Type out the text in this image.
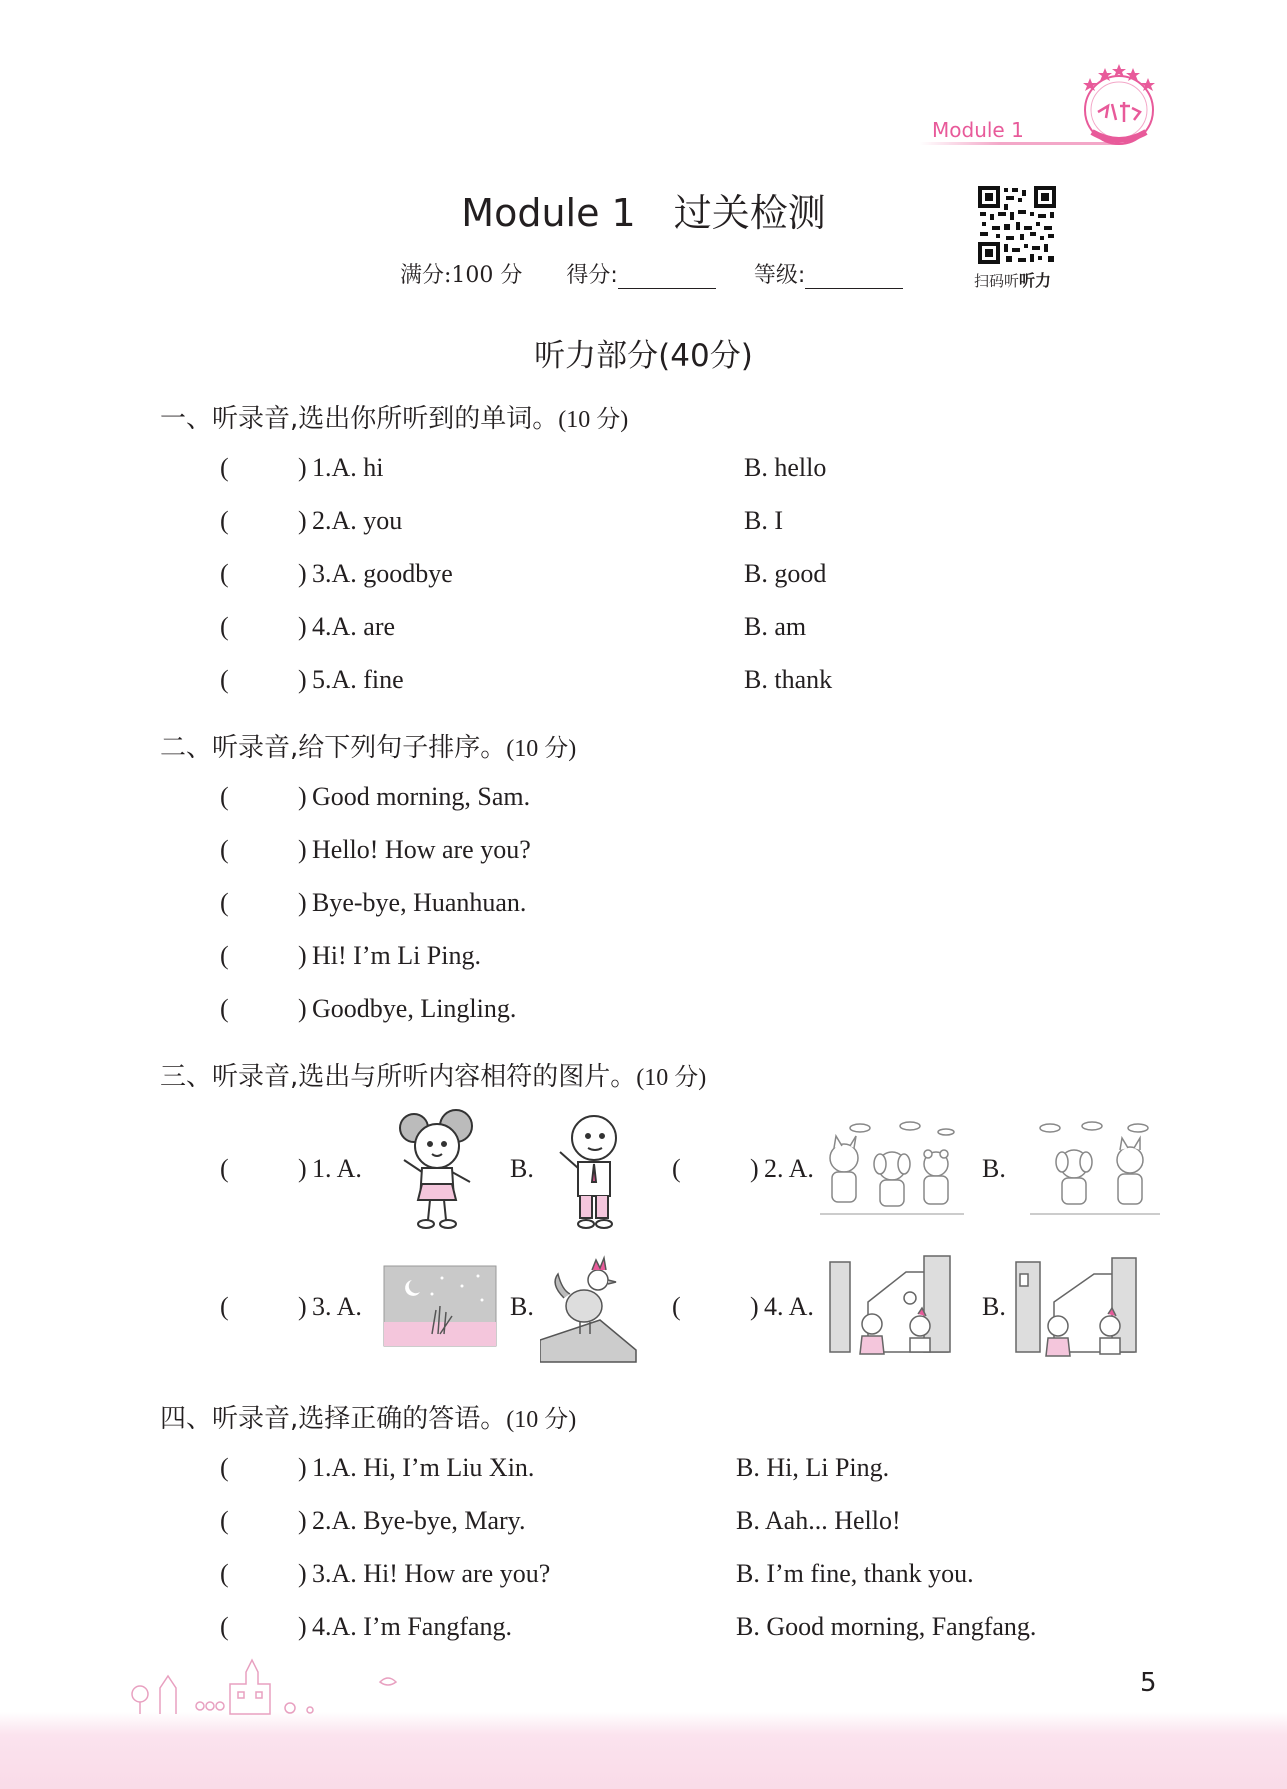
Module 1
Module 1　过关检测
满分:100 分 得分:	等级:	扫码听听力
听力部分(40分)
一、听录音,选出你所听到的单词。(10 分)
(	) 1.A. hi	B. hello
(	) 2.A. you	B. I
(	) 3.A. goodbye	B. good
(	) 4.A. are	B. am
(	) 5.A. fine	B. thank
二、听录音,给下列句子排序。(10 分)
(	) Good morning, Sam.
(	) Hello! How are you?
(	) Bye-bye, Huanhuan.
(	) Hi! I’m Li Ping.
(	) Goodbye, Lingling.
三、听录音,选出与所听内容相符的图片。(10 分)
(	) 1. A.	B.	(	) 2. A.	B.
(	) 3. A.	B.	(	) 4. A.	B.
四、听录音,选择正确的答语。(10 分)
(	) 1.A. Hi, I’m Liu Xin.	B. Hi, Li Ping.
(	) 2.A. Bye-bye, Mary.	B. Aah... Hello!
(	) 3.A. Hi! How are you?	B. I’m fine, thank you.
(	) 4.A. I’m Fangfang.	B. Good morning, Fangfang.
5
